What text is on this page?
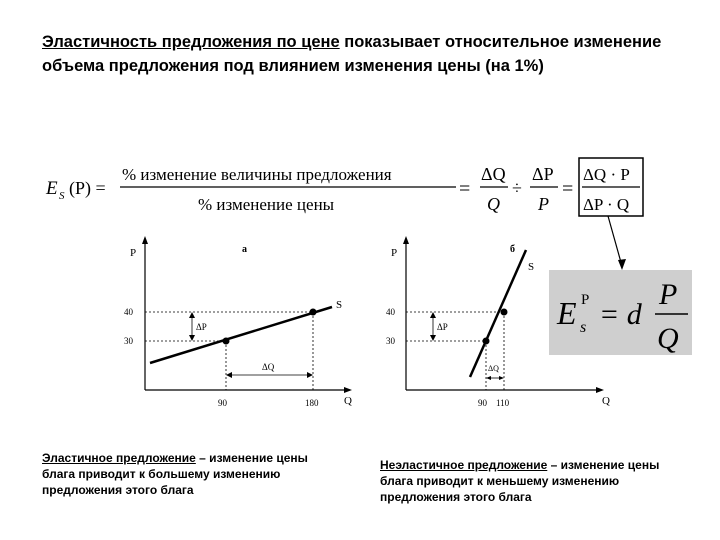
Эластичность предложения по цене показывает относительное изменение объема предложения под влиянием изменения цены (на 1%)
E S (P) =
% изменение величины предложения
% изменение цены
=
ΔQ
Q
÷
ΔP
P
=
ΔQ · P
ΔP · Q
E P
s = d
P
Q
P
Q
а
S
ΔP
ΔQ
40
30
90	180
P
Q
б
S
ΔP
ΔQ
40
30
90 110
Эластичное предложение – изменение цены блага приводит к большему изменению предложения этого блага
Неэластичное предложение – изменение цены блага приводит к меньшему изменению предложения этого блага
